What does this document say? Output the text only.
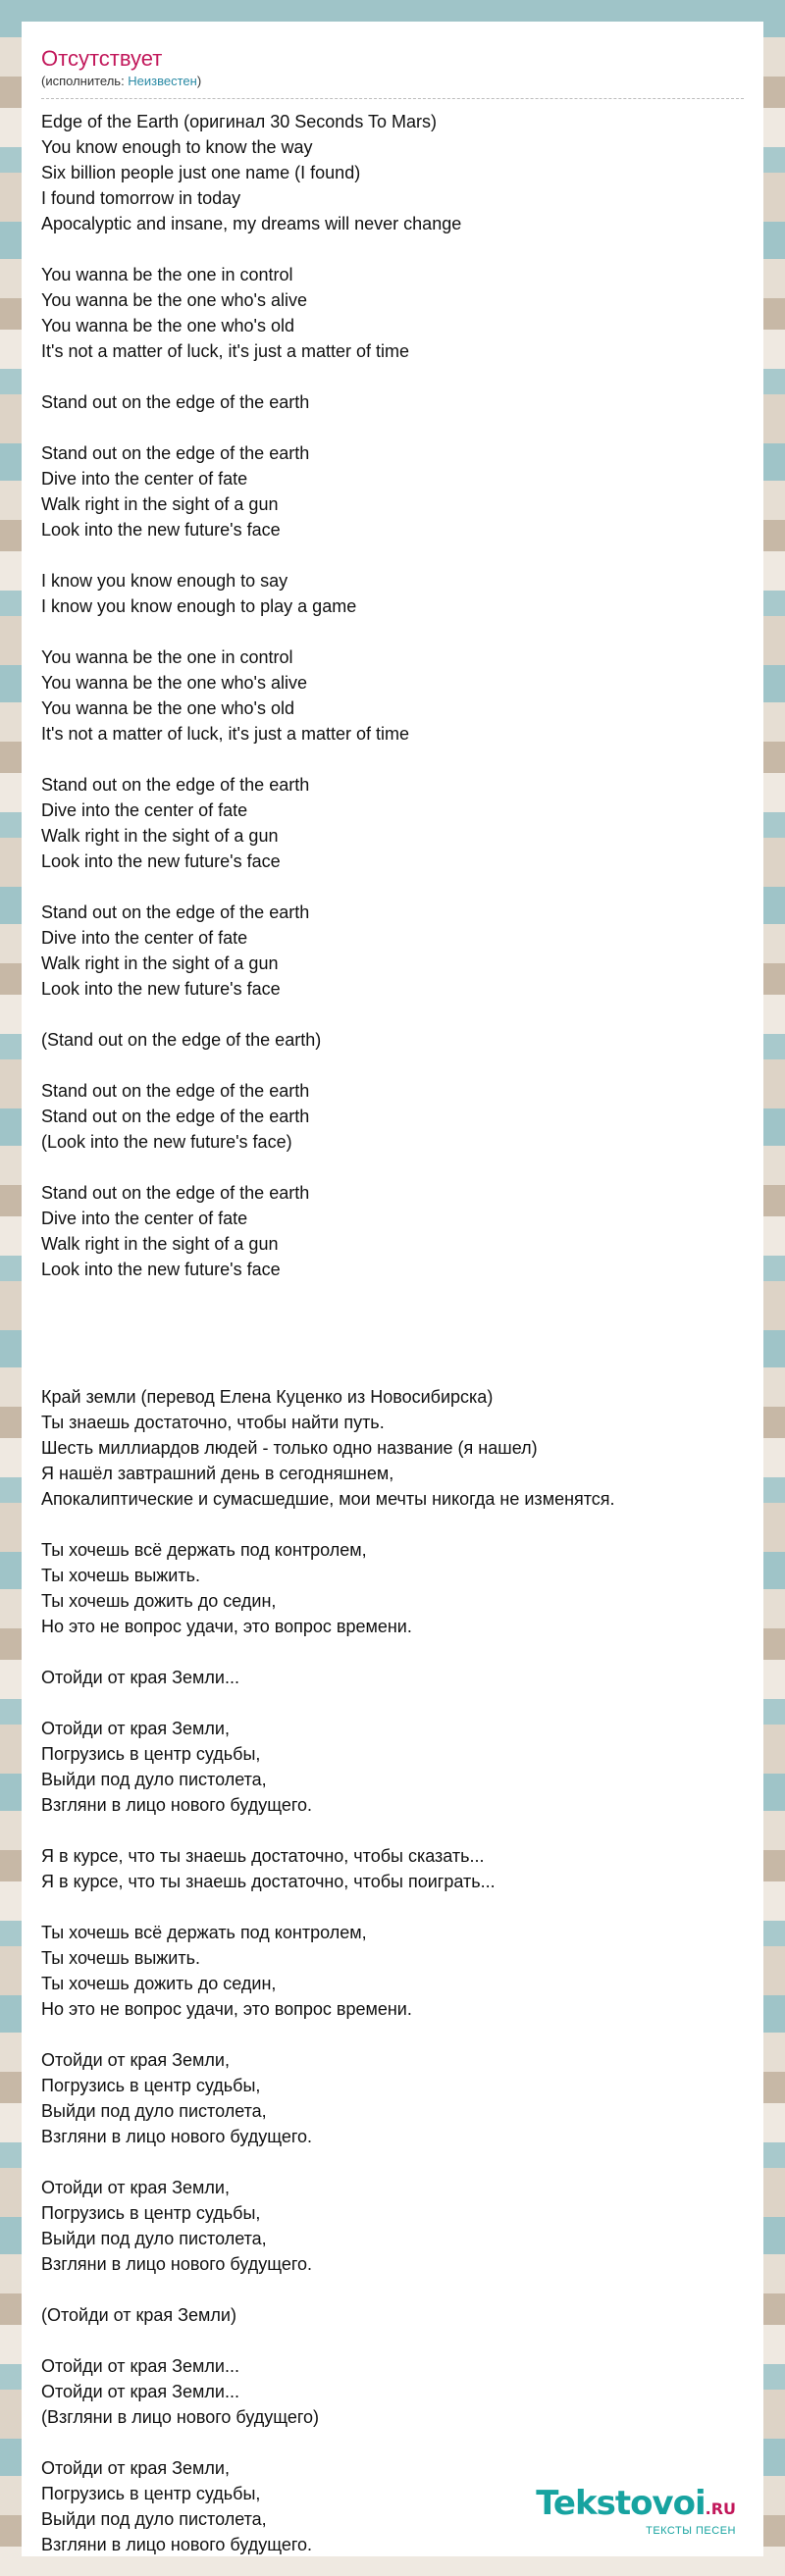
Отсутствует
(исполнитель: Неизвестен)
Edge of the Earth (оригинал 30 Seconds To Mars)
You know enough to know the way
Six billion people just one name (I found)
I found tomorrow in today
Apocalyptic and insane, my dreams will never change
You wanna be the one in control
You wanna be the one who's alive
You wanna be the one who's old
It's not a matter of luck, it's just a matter of time
Stand out on the edge of the earth
Stand out on the edge of the earth
Dive into the center of fate
Walk right in the sight of a gun
Look into the new future's face
I know you know enough to say
I know you know enough to play a game
You wanna be the one in control
You wanna be the one who's alive
You wanna be the one who's old
It's not a matter of luck, it's just a matter of time
Stand out on the edge of the earth
Dive into the center of fate
Walk right in the sight of a gun
Look into the new future's face
Stand out on the edge of the earth
Dive into the center of fate
Walk right in the sight of a gun
Look into the new future's face
(Stand out on the edge of the earth)
Stand out on the edge of the earth
Stand out on the edge of the earth
(Look into the new future's face)
Stand out on the edge of the earth
Dive into the center of fate
Walk right in the sight of a gun
Look into the new future's face
Край земли (перевод Елена Куценко из Новосибирска)
Ты знаешь достаточно, чтобы найти путь.
Шесть миллиардов людей - только одно название (я нашел)
Я нашёл завтрашний день в сегодняшнем,
Апокалиптические и сумасшедшие, мои мечты никогда не изменятся.
Ты хочешь всё держать под контролем,
Ты хочешь выжить.
Ты хочешь дожить до седин,
Но это не вопрос удачи, это вопрос времени.
Отойди от края Земли...
Отойди от края Земли,
Погрузись в центр судьбы,
Выйди под дуло пистолета,
Взгляни в лицо нового будущего.
Я в курсе, что ты знаешь достаточно, чтобы сказать...
Я в курсе, что ты знаешь достаточно, чтобы поиграть...
Ты хочешь всё держать под контролем,
Ты хочешь выжить.
Ты хочешь дожить до седин,
Но это не вопрос удачи, это вопрос времени.
Отойди от края Земли,
Погрузись в центр судьбы,
Выйди под дуло пистолета,
Взгляни в лицо нового будущего.
Отойди от края Земли,
Погрузись в центр судьбы,
Выйди под дуло пистолета,
Взгляни в лицо нового будущего.
(Отойди от края Земли)
Отойди от края Земли...
Отойди от края Земли...
(Взгляни в лицо нового будущего)
Отойди от края Земли,
Погрузись в центр судьбы,
Выйди под дуло пистолета,
Взгляни в лицо нового будущего.
Tekstovoi.RU
ТЕКСТЫ ПЕСЕН
